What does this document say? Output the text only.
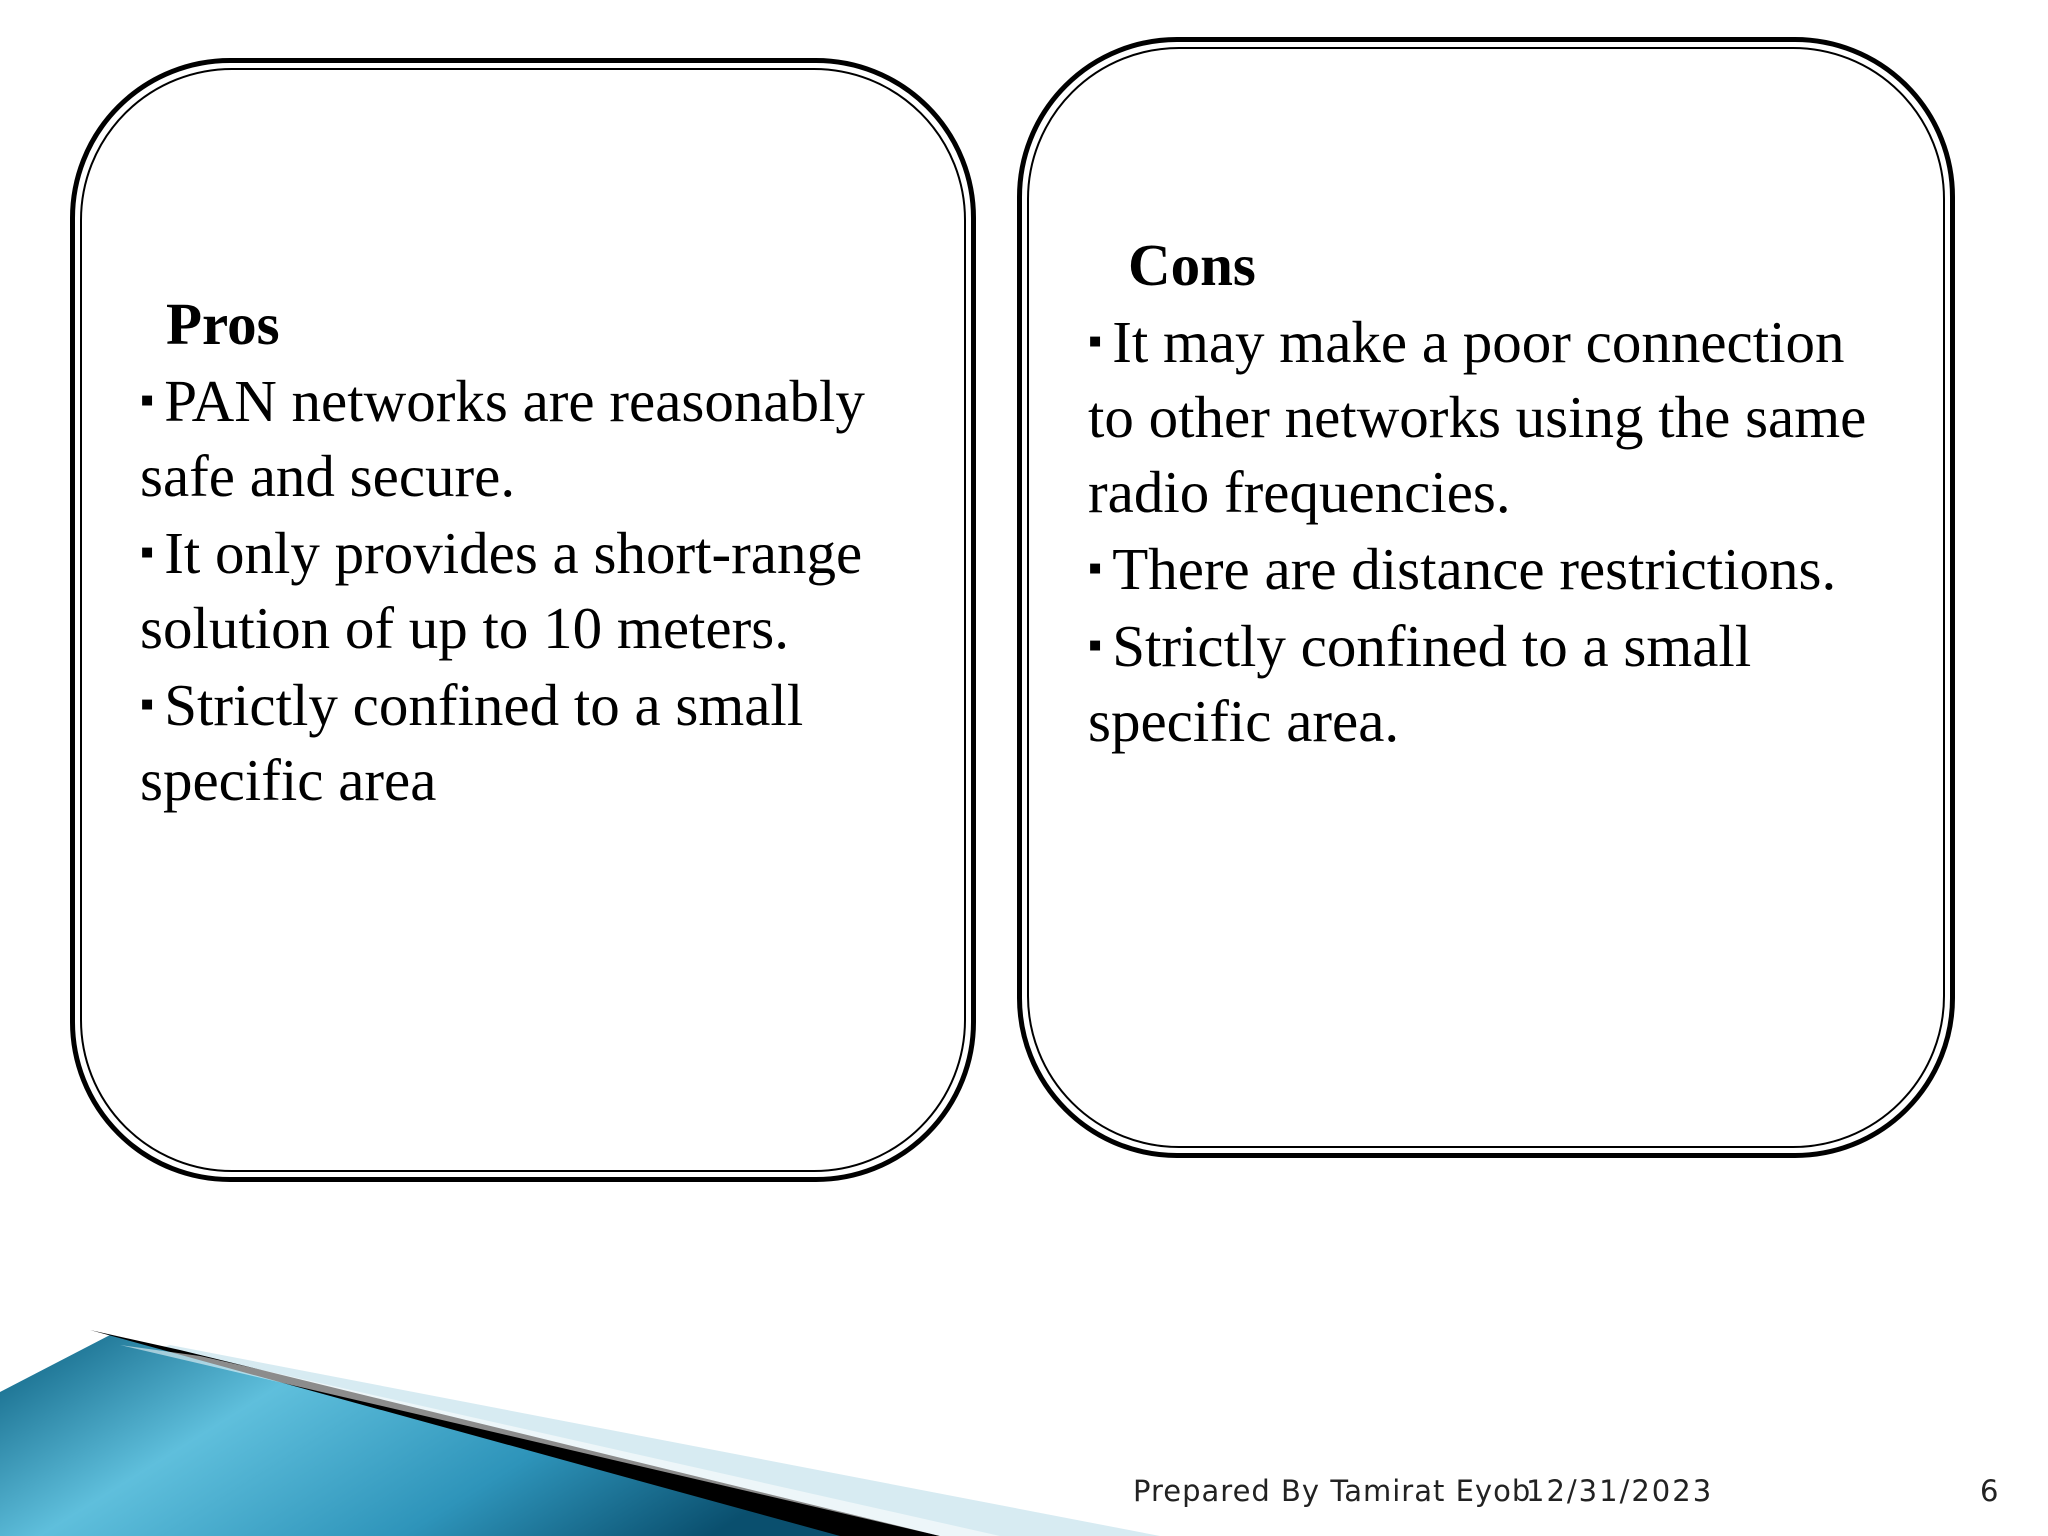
Pros
▪ PAN networks are reasonably safe and secure.
▪ It only provides a short-range solution of up to 10 meters.
▪ Strictly confined to a small specific area
Cons
▪ It may make a poor connection to other networks using the same radio frequencies.
▪ There are distance restrictions.
▪ Strictly confined to a small specific area.
Prepared By Tamirat Eyob
12/31/2023	6
